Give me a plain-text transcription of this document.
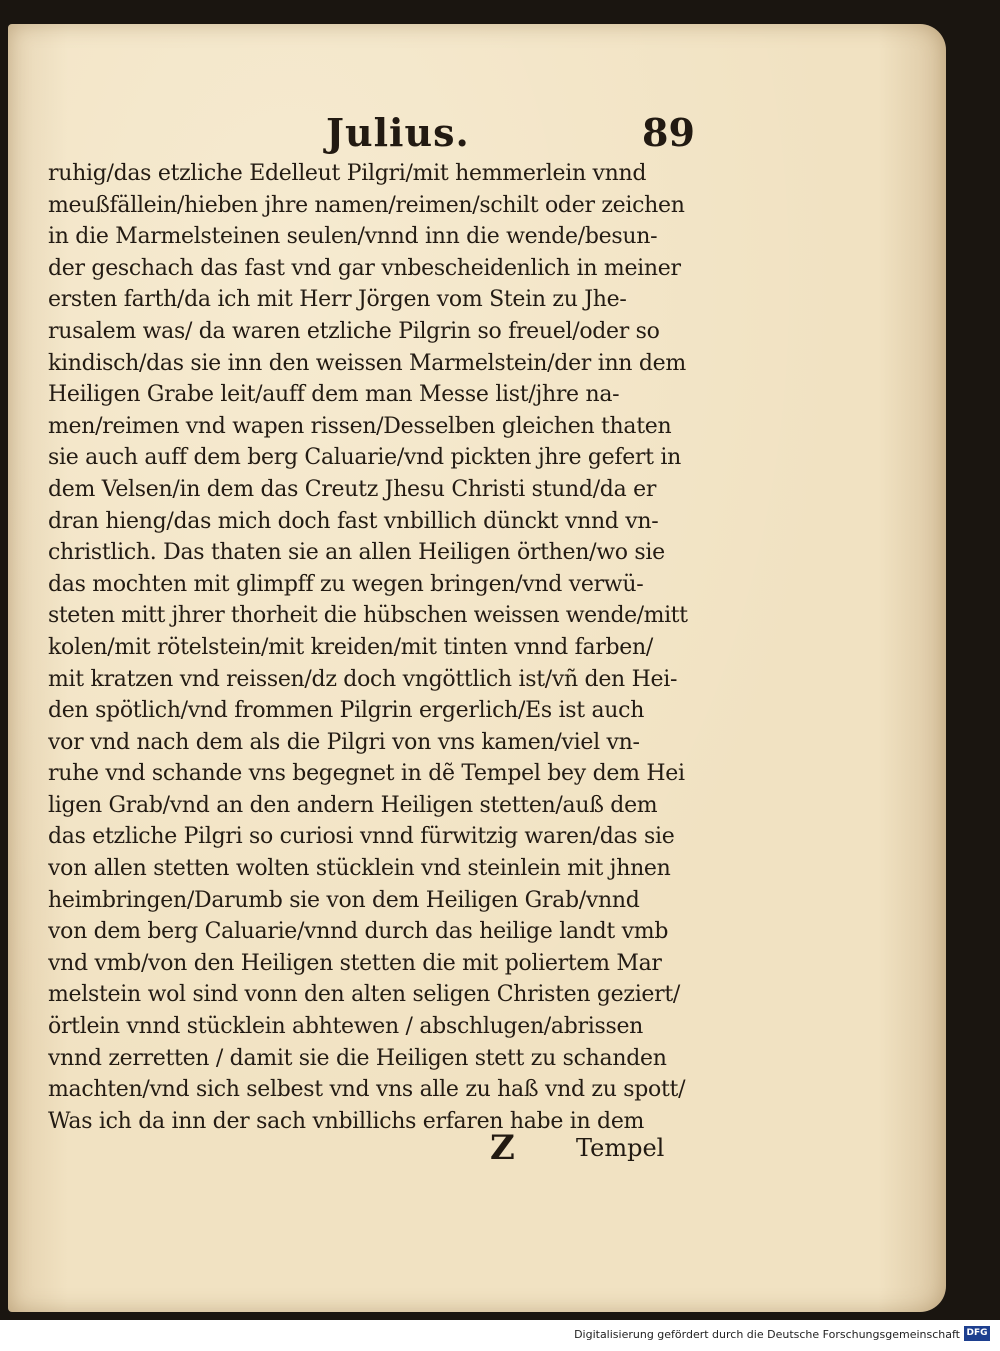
Julius.	89
ruhig/das etzliche Edelleut Pilgri/mit hemmerlein vnnd
meußfällein/hieben jhre namen/reimen/schilt oder zeichen
in die Marmelsteinen seulen/vnnd inn die wende/besun-
der geschach das fast vnd gar vnbescheidenlich in meiner
ersten farth/da ich mit Herr Jörgen vom Stein zu Jhe-
rusalem was/ da waren etzliche Pilgrin so freuel/oder so
kindisch/das sie inn den weissen Marmelstein/der inn dem
Heiligen Grabe leit/auff dem man Messe list/jhre na-
men/reimen vnd wapen rissen/Desselben gleichen thaten
sie auch auff dem berg Caluarie/vnd pickten jhre gefert in
dem Velsen/in dem das Creutz Jhesu Christi stund/da er
dran hieng/das mich doch fast vnbillich dünckt vnnd vn-
christlich. Das thaten sie an allen Heiligen örthen/wo sie
das mochten mit glimpff zu wegen bringen/vnd verwü-
steten mitt jhrer thorheit die hübschen weissen wende/mitt
kolen/mit rötelstein/mit kreiden/mit tinten vnnd farben/
mit kratzen vnd reissen/dz doch vngöttlich ist/vñ den Hei-
den spötlich/vnd frommen Pilgrin ergerlich/Es ist auch
vor vnd nach dem als die Pilgri von vns kamen/viel vn-
ruhe vnd schande vns begegnet in dẽ Tempel bey dem Hei
ligen Grab/vnd an den andern Heiligen stetten/auß dem
das etzliche Pilgri so curiosi vnnd fürwitzig waren/das sie
von allen stetten wolten stücklein vnd steinlein mit jhnen
heimbringen/Darumb sie von dem Heiligen Grab/vnnd
von dem berg Caluarie/vnnd durch das heilige landt vmb
vnd vmb/von den Heiligen stetten die mit poliertem Mar
melstein wol sind vonn den alten seligen Christen geziert/
örtlein vnnd stücklein abhtewen / abschlugen/abrissen
vnnd zerretten / damit sie die Heiligen stett zu schanden
machten/vnd sich selbest vnd vns alle zu haß vnd zu spott/
Was ich da inn der sach vnbillichs erfaren habe in dem
Z	Tempel
Digitalisierung gefördert durch die Deutsche Forschungsgemeinschaft DFG
